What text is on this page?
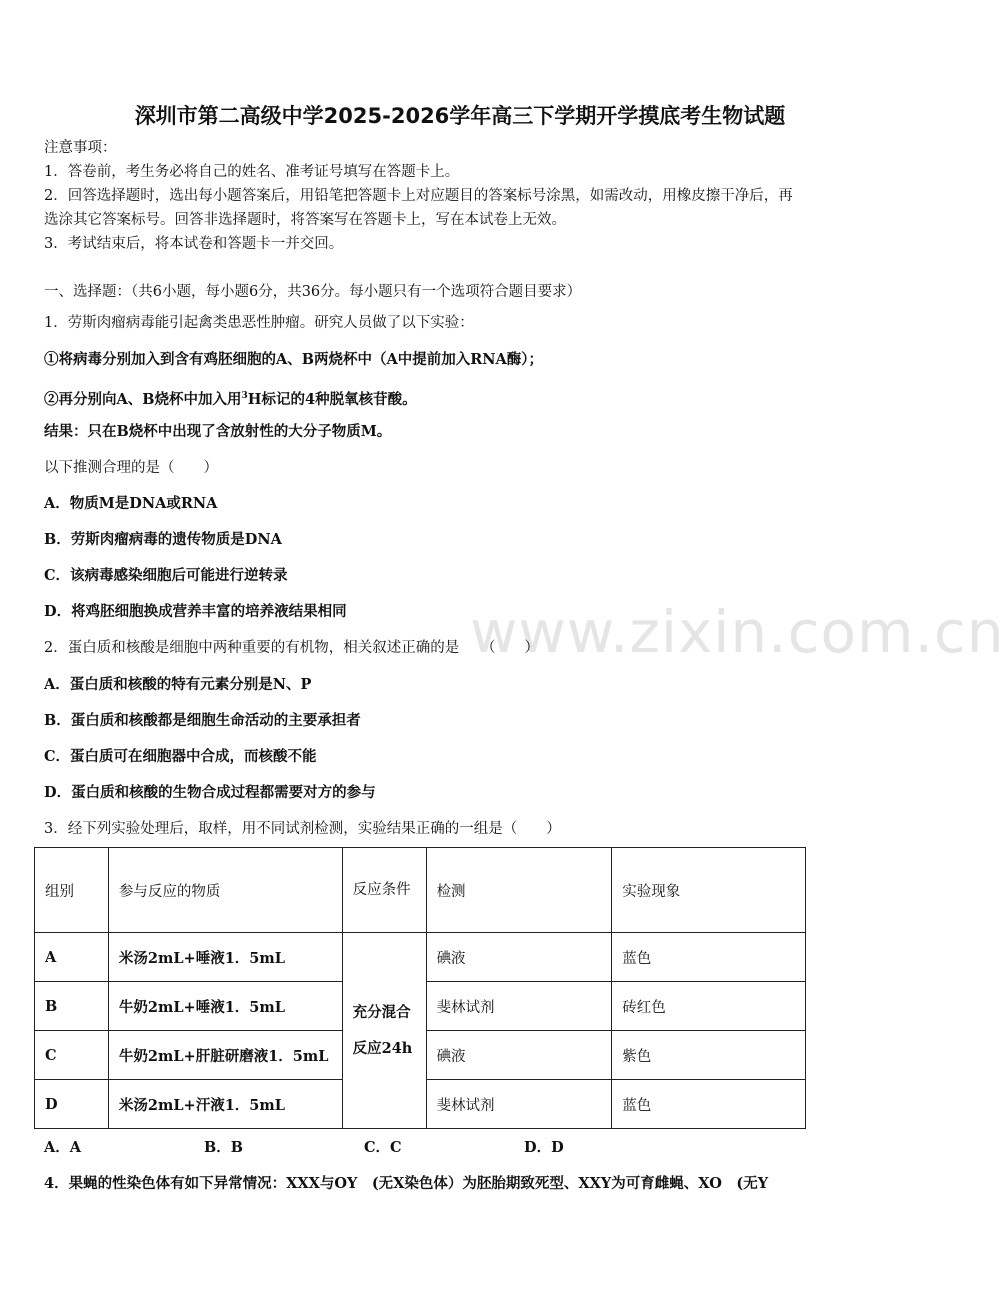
深圳市第二高级中学2025-2026学年高三下学期开学摸底考生物试题
注意事项：
1．答卷前，考生务必将自己的姓名、准考证号填写在答题卡上。
2．回答选择题时，选出每小题答案后，用铅笔把答题卡上对应题目的答案标号涂黑，如需改动，用橡皮擦干净后，再
选涂其它答案标号。回答非选择题时，将答案写在答题卡上，写在本试卷上无效。
3．考试结束后，将本试卷和答题卡一并交回。
一、选择题：（共6小题，每小题6分，共36分。每小题只有一个选项符合题目要求）
1．劳斯肉瘤病毒能引起禽类患恶性肿瘤。研究人员做了以下实验：
①将病毒分别加入到含有鸡胚细胞的A、B两烧杯中（A中提前加入RNA酶）；
②再分别向A、B烧杯中加入用$^3$H标记的4种脱氧核苷酸。
结果：只在B烧杯中出现了含放射性的大分子物质M。
以下推测合理的是（　　）
A．物质M是DNA或RNA
B．劳斯肉瘤病毒的遗传物质是DNA
C．该病毒感染细胞后可能进行逆转录
D．将鸡胚细胞换成营养丰富的培养液结果相同 www.zixin.com.cn
2．蛋白质和核酸是细胞中两种重要的有机物，相关叙述正确的是　　（　　）
A．蛋白质和核酸的特有元素分别是N、P
B．蛋白质和核酸都是细胞生命活动的主要承担者
C．蛋白质可在细胞器中合成，而核酸不能
D．蛋白质和核酸的生物合成过程都需要对方的参与
3．经下列实验处理后，取样，用不同试剂检测，实验结果正确的一组是（　　）
组别	参与反应的物质	反应条件	检测	实验现象
A	米汤2mL+唾液1．5mL	充分混合反应24h	碘液	蓝色
B	牛奶2mL+唾液1．5mL		斐林试剂	砖红色
C	牛奶2mL+肝脏研磨液1．5mL		碘液	紫色
D	米汤2mL+汗液1．5mL		斐林试剂	蓝色
A．A	B．B	C．C	D．D
4．果蝇的性染色体有如下异常情况：XXX与OY　(无X染色体）为胚胎期致死型、XXY为可育雌蝇、XO　(无Y
